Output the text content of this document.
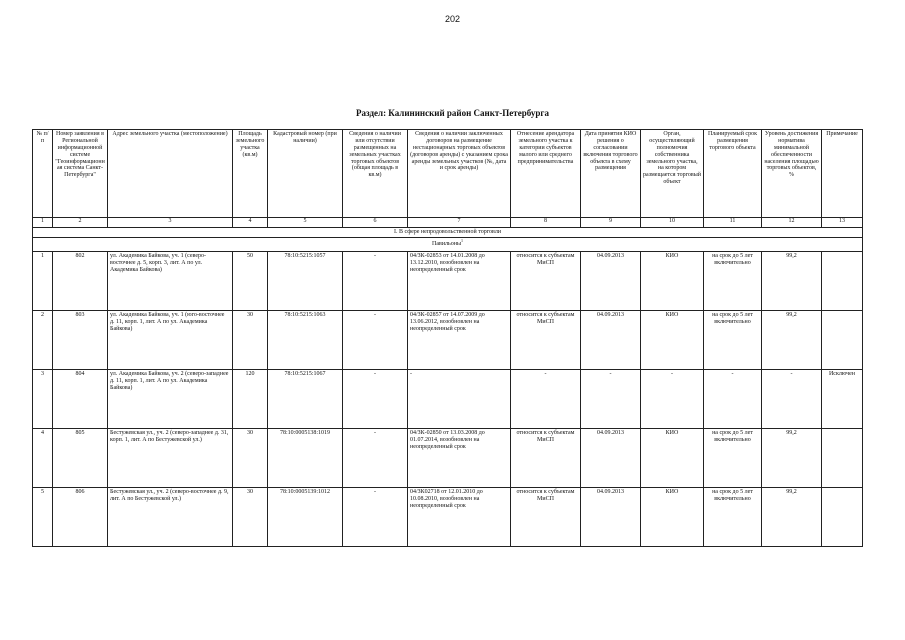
202
Раздел: Калининский район Санкт-Петербурга
№ п/п	Номер заявления в Региональной информационной системе "Геоинформационная система Санкт-Петербурга"	Адрес земельного участка (местоположение)	Площадь земельного участка (кв.м)	Кадастровый номер (при наличии)	Сведения о наличии или отсутствии размещенных на земельных участках торговых объектов (общая площадь в кв.м)	Сведения о наличии заключенных договоров на размещение нестационарных торговых объектов (договоров аренды) с указанием срока аренды земельных участков (№, дата и срок аренды)	Отнесение арендатора земельного участка к категории субъектов малого или среднего предпринимательства	Дата принятия КИО решения о согласовании включения торгового объекта в схему размещения	Орган, осуществляющий полномочия собственника земельного участка, на котором размещается торговый объект	Планируемый срок размещения торгового объекта	Уровень достижения норматива минимальной обеспеченности населения площадью торговых объектов, %	Примечание
1	2	3	4	5	6	7	8	9	10	11	12	13
I. В сфере непродовольственной торговли												
Павильоны$^1$
1	802	ул. Академика Байкова, уч. 1 (северо-восточнее д. 5, корп. 3, лит. А по ул. Академика Байкова)	50	78:10:5215:1057	-	04/ЗК-02853 от 14.01.2008 до 13.12.2010, возобновлен на неопределенный срок	относится к субъектам МиСП	04.09.2013	КИО	на срок до 5 лет включительно	99,2	
2	803	ул. Академика Байкова, уч. 1 (юго-восточнее д. 11, корп. 1, лит. А по ул. Академика Байкова)	30	78:10:5215:1063	-	04/ЗК-02857 от 14.07.2009 до 13.06.2012, возобновлен на неопределенный срок	относится к субъектам МиСП	04.09.2013	КИО	на срок до 5 лет включительно	99,2	
3	804	ул. Академика Байкова, уч. 2 (северо-западнее д. 11, корп. 1, лит. А по ул. Академика Байкова)	120	78:10:5215:1067	-	-	-	-	-	-	-	Исключен
4	805	Бестужевская ул., уч. 2 (северо-западнее д. 31, корп. 1, лит. А по Бестужевской ул.)	30	78:10:0005138:1019	-	04/ЗК-02850 от 13.03.2008 до 01.07.2014, возобновлен на неопределенный срок	относится к субъектам МиСП	04.09.2013	КИО	на срок до 5 лет включительно	99,2	
5	806	Бестужевская ул., уч. 2 (северо-восточнее д. 9, лит. А по Бестужевской ул.)	30	78:10:0005139:1012	-	04/ЗК02718 от 12.01.2010 до 10.08.2010, возобновлен на неопределенный срок	относится к субъектам МиСП	04.09.2013	КИО	на срок до 5 лет включительно	99,2	
